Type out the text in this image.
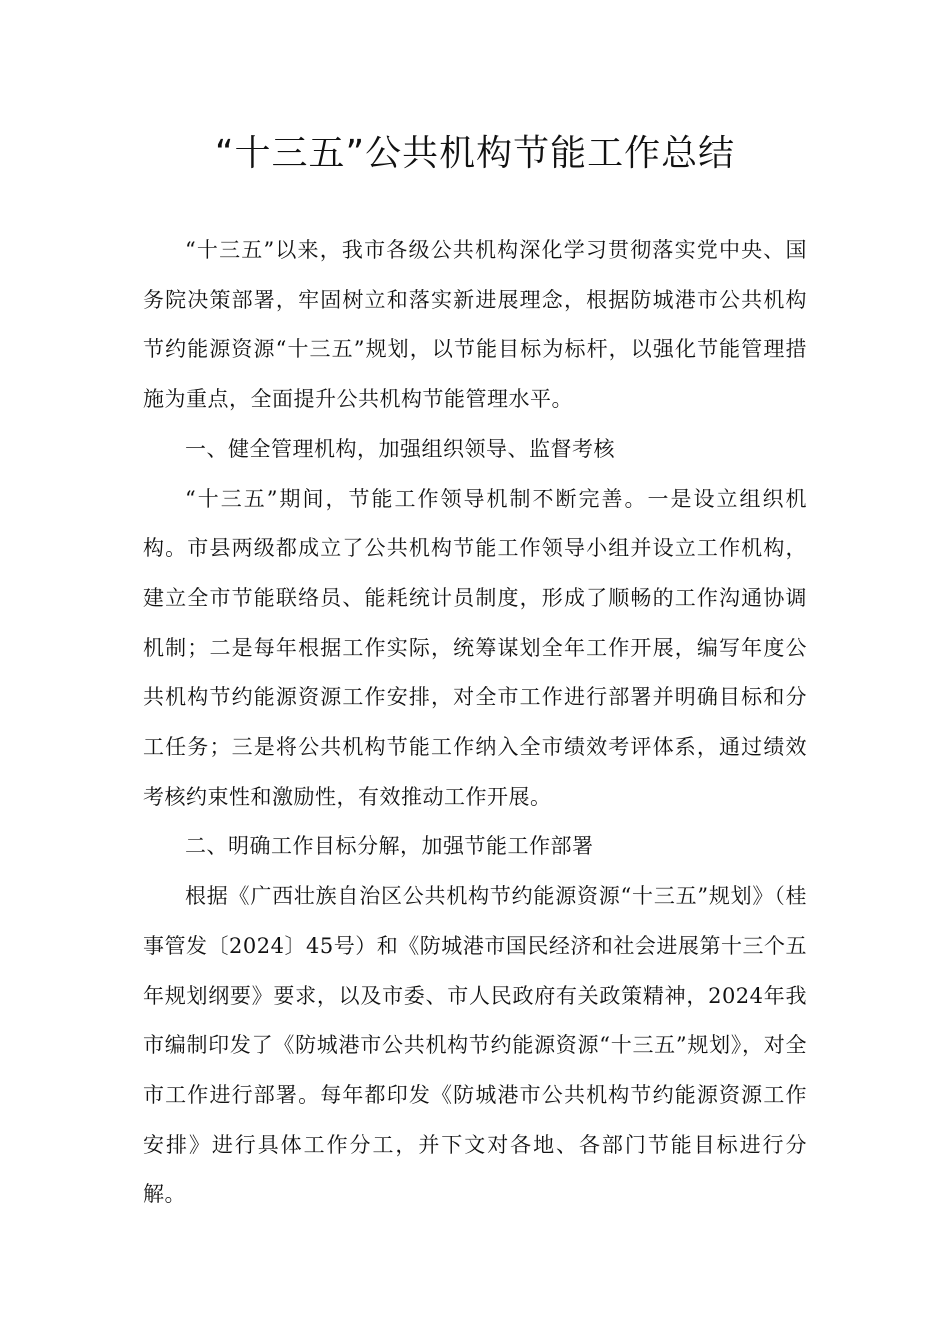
“十三五”公共机构节能工作总结

“十三五”以来，我市各级公共机构深化学习贯彻落实党中央、国务院决策部署，牢固树立和落实新进展理念，根据防城港市公共机构节约能源资源“十三五”规划，以节能目标为标杆，以强化节能管理措施为重点，全面提升公共机构节能管理水平。

一、健全管理机构，加强组织领导、监督考核

“十三五”期间，节能工作领导机制不断完善。一是设立组织机构。市县两级都成立了公共机构节能工作领导小组并设立工作机构，建立全市节能联络员、能耗统计员制度，形成了顺畅的工作沟通协调机制；二是每年根据工作实际，统筹谋划全年工作开展，编写年度公共机构节约能源资源工作安排，对全市工作进行部署并明确目标和分工任务；三是将公共机构节能工作纳入全市绩效考评体系，通过绩效考核约束性和激励性，有效推动工作开展。

二、明确工作目标分解，加强节能工作部署

根据《广西壮族自治区公共机构节约能源资源“十三五”规划》（桂事管发〔2024〕45号）和《防城港市国民经济和社会进展第十三个五年规划纲要》要求，以及市委、市人民政府有关政策精神，2024年我市编制印发了《防城港市公共机构节约能源资源“十三五”规划》，对全市工作进行部署。每年都印发《防城港市公共机构节约能源资源工作安排》进行具体工作分工，并下文对各地、各部门节能目标进行分解。
